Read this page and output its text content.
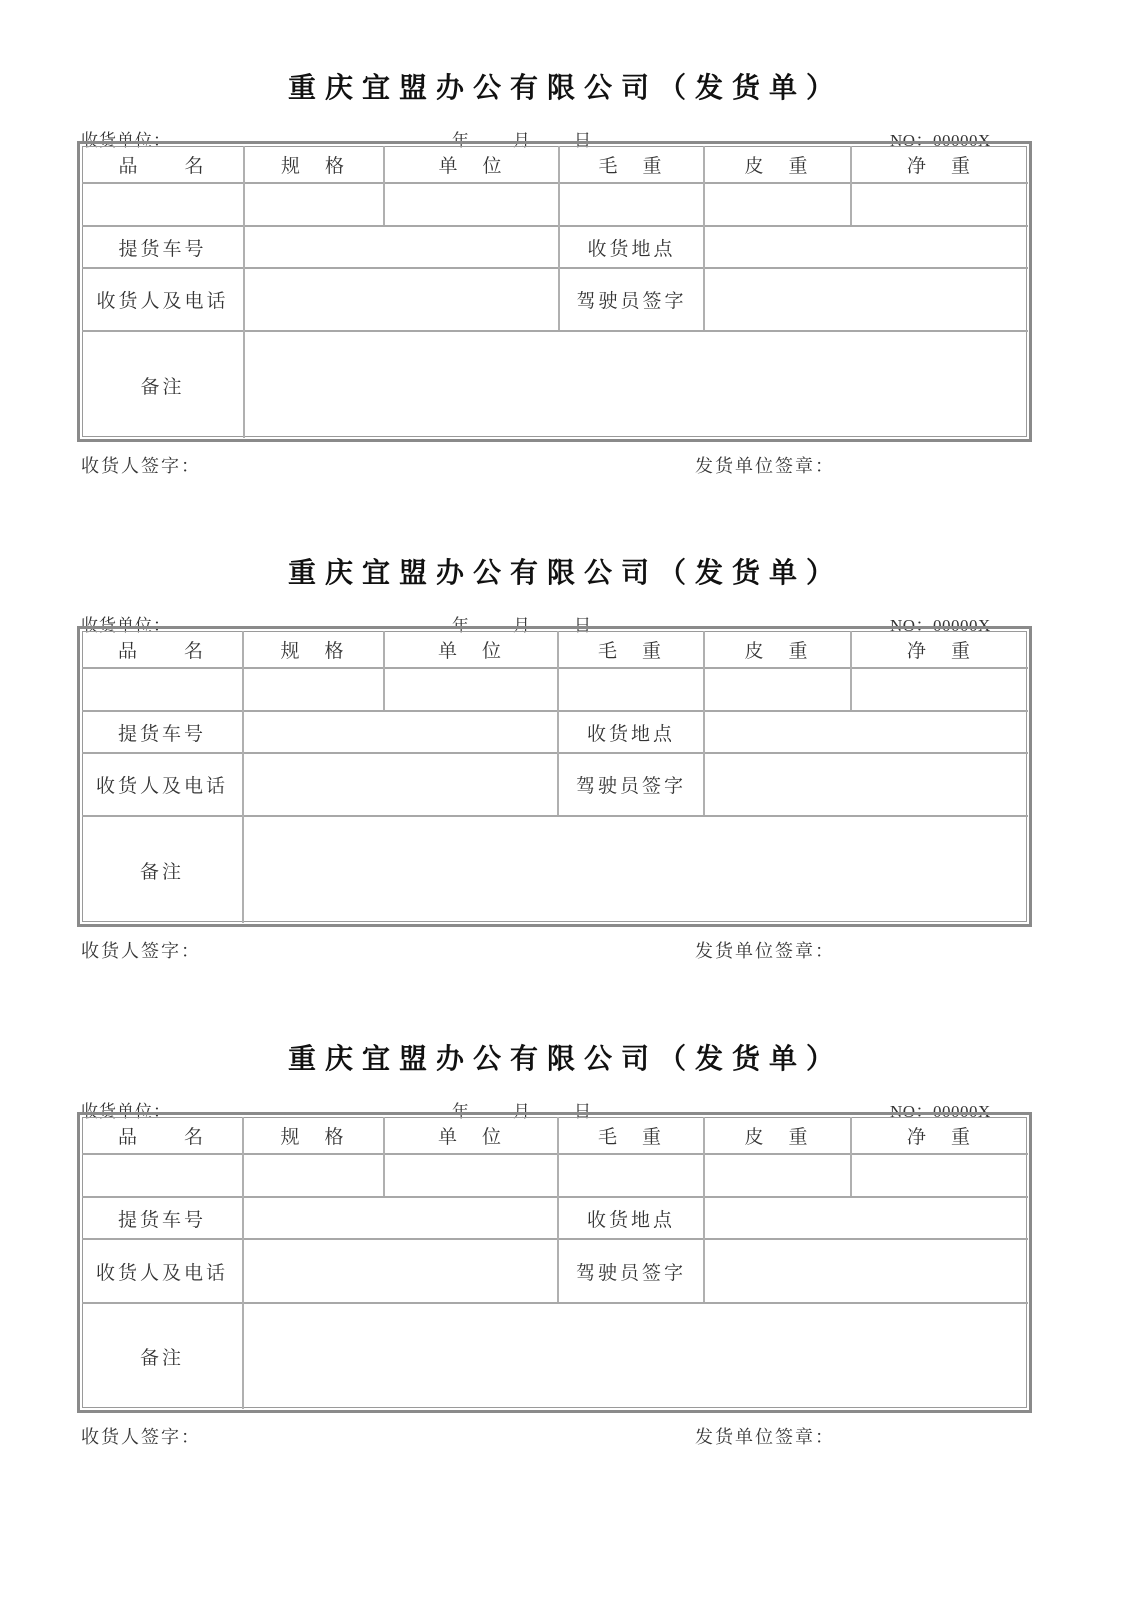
重庆宜盟办公有限公司（发货单）
收货单位：	年	月	日	NO：00000X
品　　名	规　格	单　位	毛　重	皮　重	净　重
提货车号	收货地点
收货人及电话	驾驶员签字
备注
收货人签字：	发货单位签章：
重庆宜盟办公有限公司（发货单）
收货单位：	年	月	日	NO：00000X
品　　名	规　格	单　位	毛　重	皮　重	净　重
提货车号	收货地点
收货人及电话	驾驶员签字
备注
收货人签字：	发货单位签章：
重庆宜盟办公有限公司（发货单）
收货单位：	年	月	日	NO：00000X
品　　名	规　格	单　位	毛　重	皮　重	净　重
提货车号	收货地点
收货人及电话	驾驶员签字
备注
收货人签字：	发货单位签章：
